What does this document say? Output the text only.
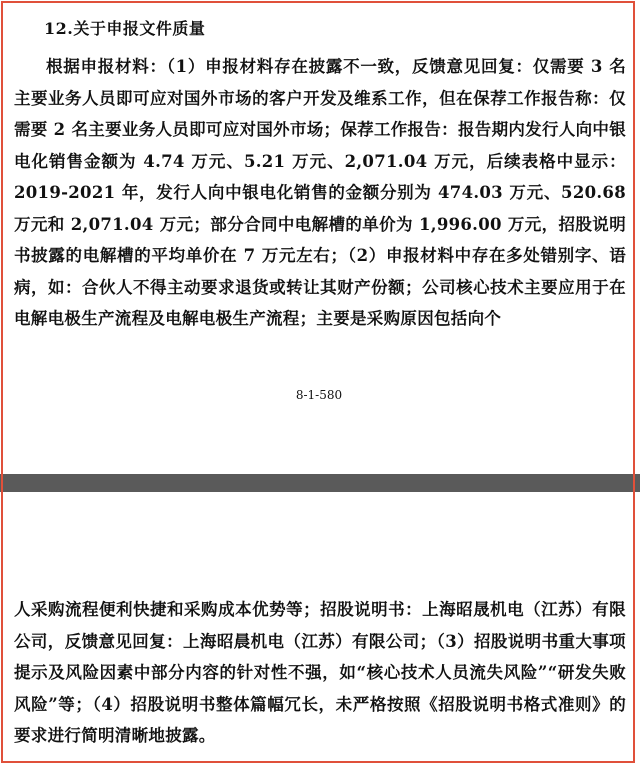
12.关于申报文件质量
根据申报材料：（1）申报材料存在披露不一致，反馈意见回复：仅需要 3 名主要业务人员即可应对国外市场的客户开发及维系工作，但在保荐工作报告称：仅需要 2 名主要业务人员即可应对国外市场；保荐工作报告：报告期内发行人向中银电化销售金额为 4.74 万元、5.21 万元、2,071.04 万元，后续表格中显示：2019-2021 年，发行人向中银电化销售的金额分别为 474.03 万元、520.68 万元和 2,071.04 万元；部分合同中电解槽的单价为 1,996.00 万元，招股说明书披露的电解槽的平均单价在 7 万元左右；（2）申报材料中存在多处错别字、语病，如：合伙人不得主动要求退货或转让其财产份额；公司核心技术主要应用于在电解电极生产流程及电解电极生产流程；主要是采购原因包括向个
8-1-580
人采购流程便利快捷和采购成本优势等；招股说明书：上海昭晟机电（江苏）有限公司，反馈意见回复：上海昭晨机电（江苏）有限公司；（3）招股说明书重大事项提示及风险因素中部分内容的针对性不强，如“核心技术人员流失风险”“研发失败风险”等；（4）招股说明书整体篇幅冗长，未严格按照《招股说明书格式准则》的要求进行简明清晰地披露。
